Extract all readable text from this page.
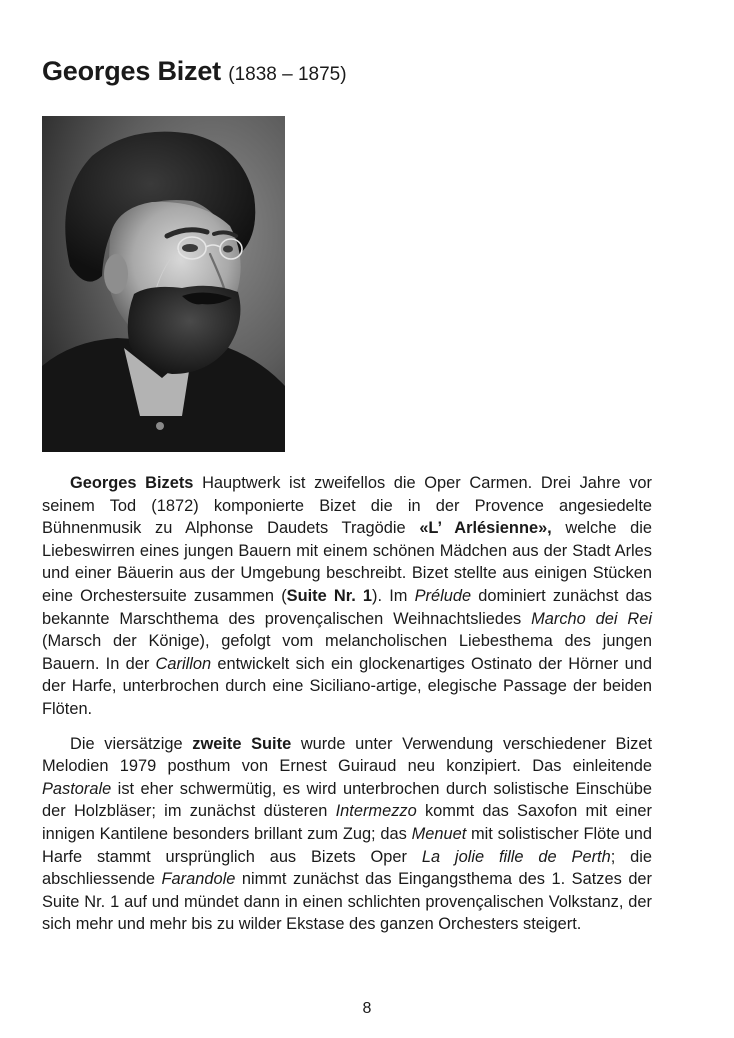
Georges Bizet (1838 – 1875)

Georges Bizets Hauptwerk ist zweifellos die Oper Carmen. Drei Jahre vor seinem Tod (1872) komponierte Bizet die in der Provence angesiedelte Bühnenmusik zu Alphonse Daudets Tragödie «L’ Arlésienne», welche die Liebeswirren eines jungen Bauern mit einem schönen Mädchen aus der Stadt Arles und einer Bäuerin aus der Umgebung beschreibt. Bizet stellte aus einigen Stücken eine Orchestersuite zusammen (Suite Nr. 1). Im Prélude dominiert zunächst das bekannte Marschthema des provençalischen Weihnachtsliedes Marcho dei Rei (Marsch der Könige), gefolgt vom melancholischen Liebesthema des jungen Bauern. In der Carillon entwickelt sich ein glockenartiges Ostinato der Hörner und der Harfe, unterbrochen durch eine Siciliano-artige, elegische Passage der beiden Flöten.

Die viersätzige zweite Suite wurde unter Verwendung verschiedener Bizet Melodien 1979 posthum von Ernest Guiraud neu konzipiert. Das einleitende Pastorale ist eher schwermütig, es wird unterbrochen durch solistische Einschübe der Holzbläser; im zunächst düsteren Intermezzo kommt das Saxofon mit einer innigen Kantilene besonders brillant zum Zug; das Menuet mit solistischer Flöte und Harfe stammt ursprünglich aus Bizets Oper La jolie fille de Perth; die abschliessende Farandole nimmt zunächst das Eingangsthema des 1. Satzes der Suite Nr. 1 auf und mündet dann in einen schlichten provençalischen Volkstanz, der sich mehr und mehr bis zu wilder Ekstase des ganzen Orchesters steigert.

8
